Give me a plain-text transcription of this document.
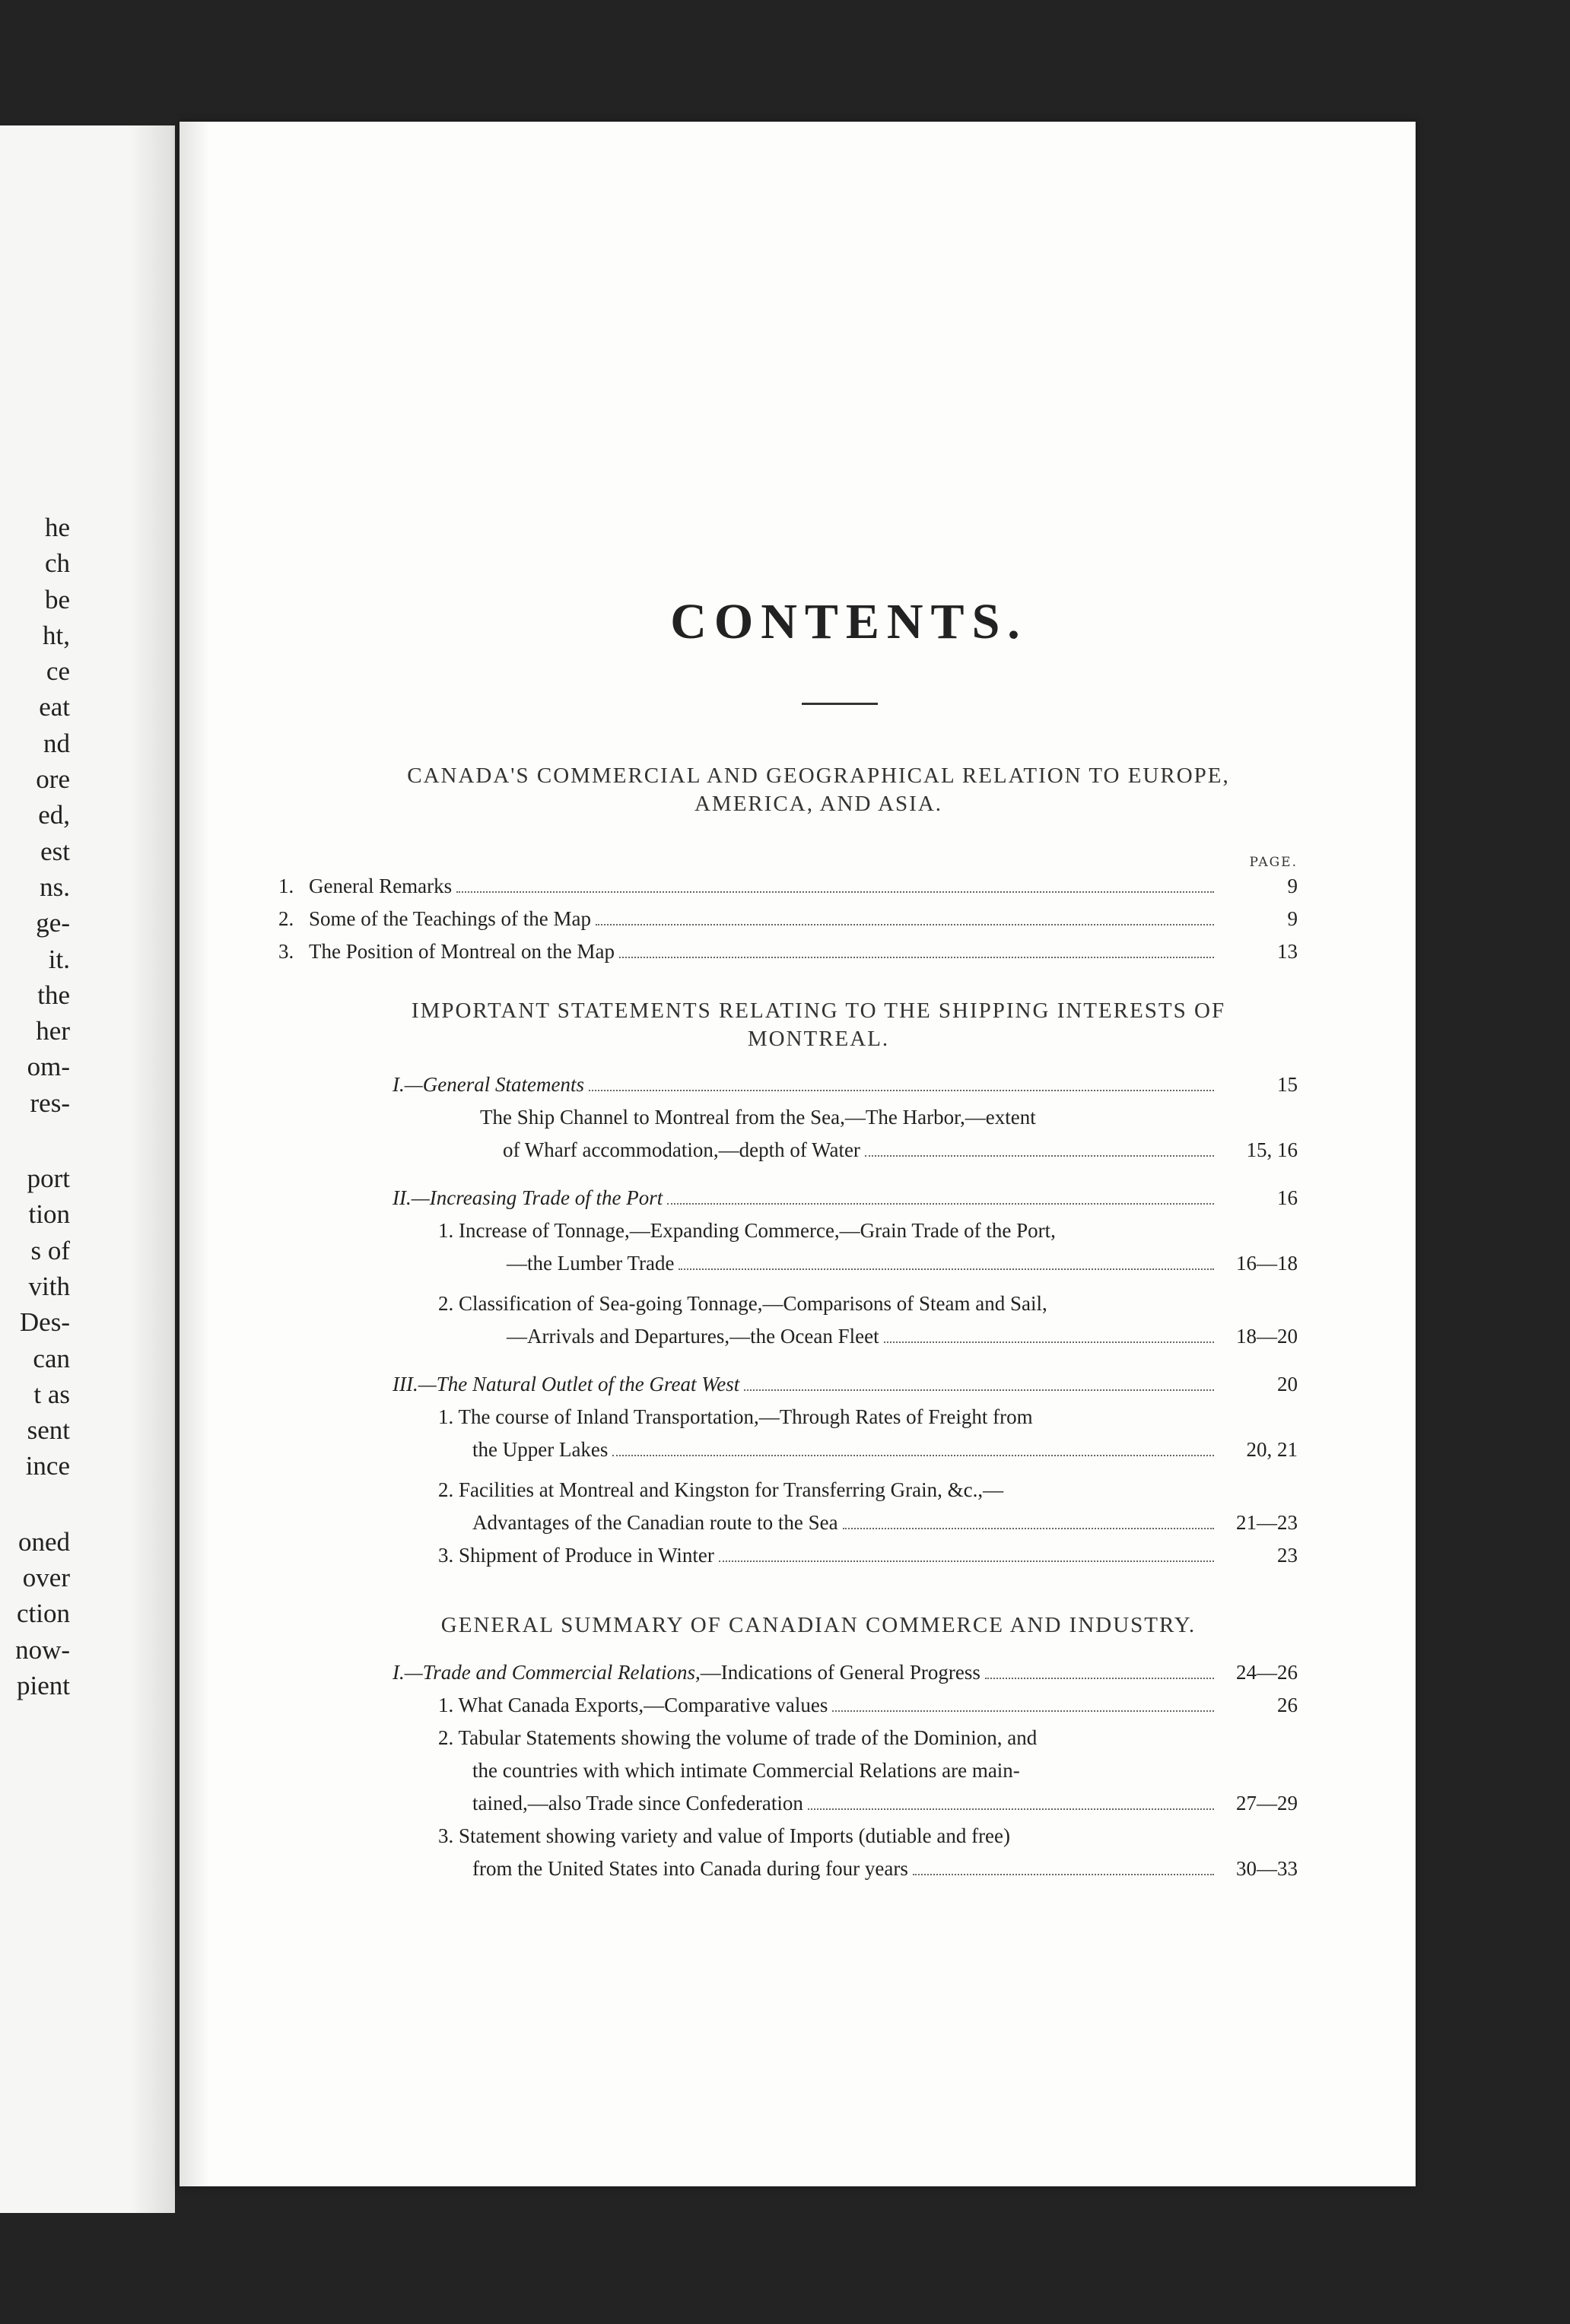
he
ch
be
ht,
ce
eat
nd
ore
ed,
est
ns.
ge-
it.
the
her
om-
res-
port
tion
s of
vith
Des-
can
t as
sent
ince
oned
over
ction
now-
pient
CONTENTS.
CANADA'S COMMERCIAL AND GEOGRAPHICAL RELATION TO EUROPE,
AMERICA, AND ASIA.
PAGE.
1. General Remarks	9
2. Some of the Teachings of the Map	9
3. The Position of Montreal on the Map	13
IMPORTANT STATEMENTS RELATING TO THE SHIPPING INTERESTS OF
MONTREAL.
I.—General Statements	15
The Ship Channel to Montreal from the Sea,—The Harbor,—extent
of Wharf accommodation,—depth of Water	15, 16
II.—Increasing Trade of the Port	16
1. Increase of Tonnage,—Expanding Commerce,—Grain Trade of the Port,
—the Lumber Trade	16—18
2. Classification of Sea-going Tonnage,—Comparisons of Steam and Sail,
—Arrivals and Departures,—the Ocean Fleet	18—20
III.—The Natural Outlet of the Great West	20
1. The course of Inland Transportation,—Through Rates of Freight from
the Upper Lakes	20, 21
2. Facilities at Montreal and Kingston for Transferring Grain, &c.,—
Advantages of the Canadian route to the Sea	21—23
3. Shipment of Produce in Winter	23
GENERAL SUMMARY OF CANADIAN COMMERCE AND INDUSTRY.
I.—Trade and Commercial Relations, —Indications of General Progress	24—26
1. What Canada Exports,—Comparative values	26
2. Tabular Statements showing the volume of trade of the Dominion, and
the countries with which intimate Commercial Relations are main-
tained,—also Trade since Confederation	27—29
3. Statement showing variety and value of Imports (dutiable and free)
from the United States into Canada during four years	30—33
